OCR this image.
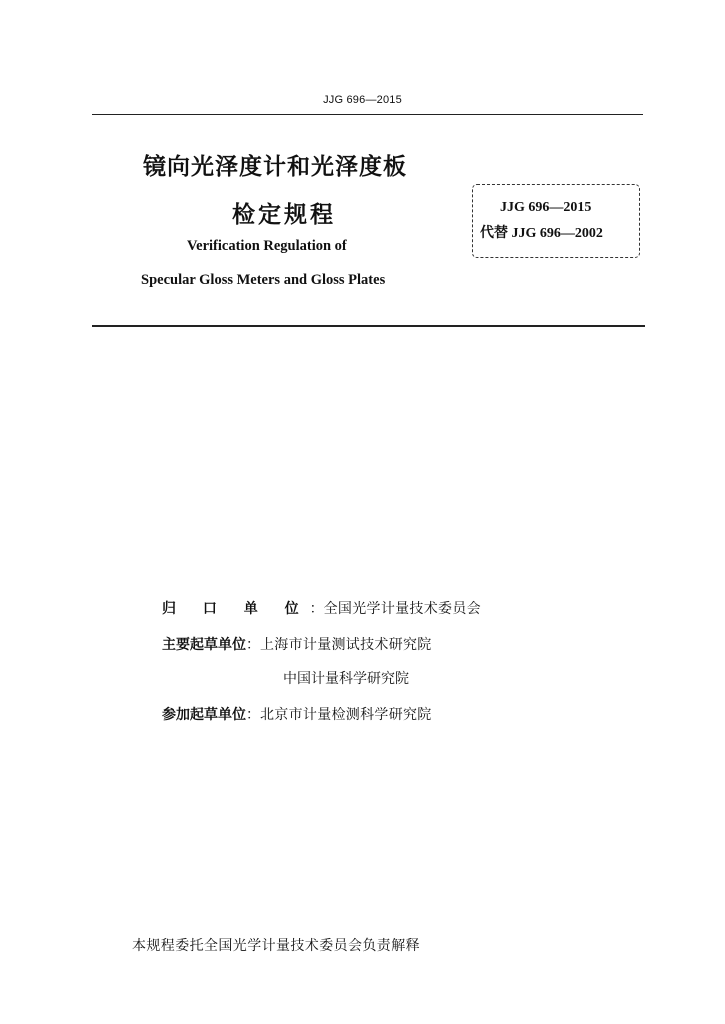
JJG 696—2015
镜向光泽度计和光泽度板
检定规程
Verification Regulation of
Specular Gloss Meters and Gloss Plates
JJG 696—2015
代替 JJG 696—2002
归 口 单 位：全国光学计量技术委员会
主要起草单位：上海市计量测试技术研究院
中国计量科学研究院
参加起草单位：北京市计量检测科学研究院
本规程委托全国光学计量技术委员会负责解释
